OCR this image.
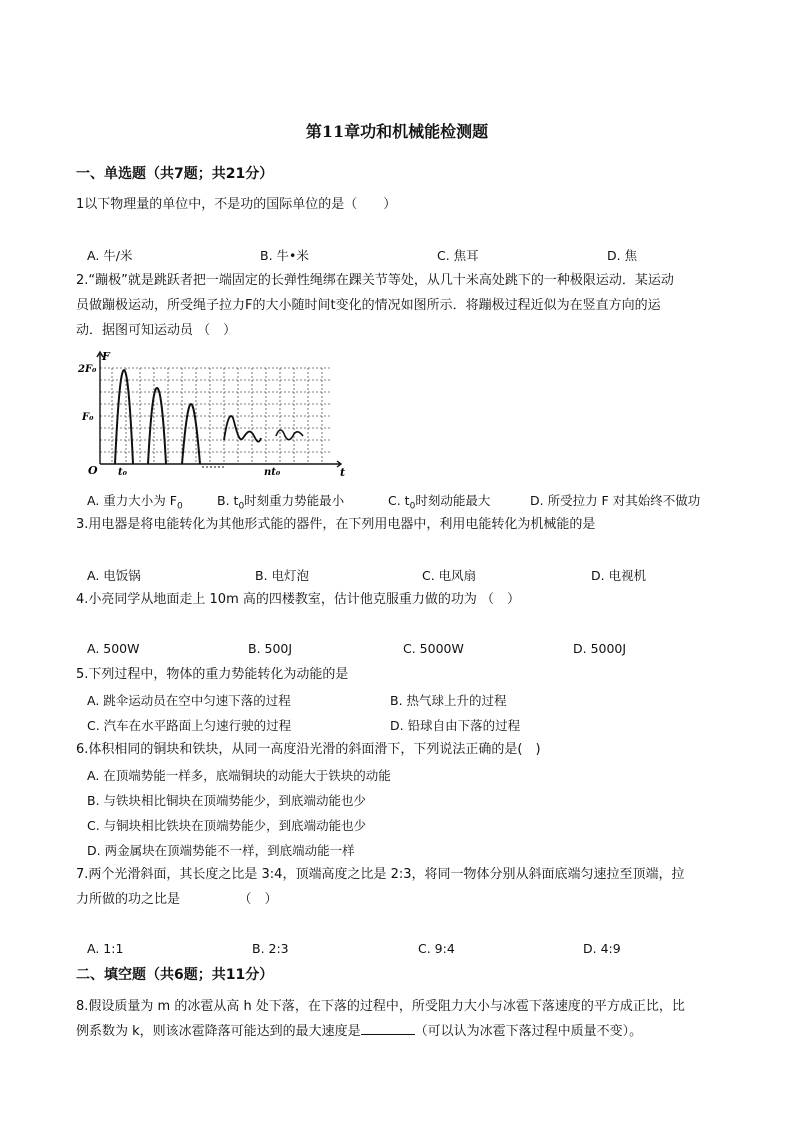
第11章功和机械能检测题
一、单选题（共7题；共21分）
1以下物理量的单位中，不是功的国际单位的是（　　）
A. 牛/米	B. 牛•米	C. 焦耳	D. 焦
2.“蹦极”就是跳跃者把一端固定的长弹性绳绑在踝关节等处，从几十米高处跳下的一种极限运动．某运动
员做蹦极运动，所受绳子拉力F的大小随时间t变化的情况如图所示．将蹦极过程近似为在竖直方向的运
动．据图可知运动员 （　）
F
t
O
2F₀
F₀
t₀	nt₀
A. 重力大小为 $F_0$	B. $t_0$时刻重力势能最小	C. $t_0$时刻动能最大	D. 所受拉力 F 对其始终不做功
3.用电器是将电能转化为其他形式能的器件，在下列用电器中，利用电能转化为机械能的是
A. 电饭锅	B. 电灯泡	C. 电风扇	D. 电视机
4.小亮同学从地面走上 10m 高的四楼教室，估计他克服重力做的功为 （　）
A. 500W	B. 500J	C. 5000W	D. 5000J
5.下列过程中，物体的重力势能转化为动能的是
A. 跳伞运动员在空中匀速下落的过程	B. 热气球上升的过程
C. 汽车在水平路面上匀速行驶的过程	D. 铅球自由下落的过程
6.体积相同的铜块和铁块，从同一高度沿光滑的斜面滑下，下列说法正确的是(　)
A. 在顶端势能一样多，底端铜块的动能大于铁块的动能
B. 与铁块相比铜块在顶端势能少，到底端动能也少
C. 与铜块相比铁块在顶端势能少，到底端动能也少
D. 两金属块在顶端势能不一样，到底端动能一样
7.两个光滑斜面，其长度之比是 3:4，顶端高度之比是 2:3，将同一物体分别从斜面底端匀速拉至顶端，拉
力所做的功之比是　　　　　（　）
A. 1:1	B. 2:3	C. 9:4	D. 4:9
二、填空题（共6题；共11分）
8.假设质量为 m 的冰雹从高 h 处下落，在下落的过程中，所受阻力大小与冰雹下落速度的平方成正比，比
例系数为 k，则该冰雹降落可能达到的最大速度是	（可以认为冰雹下落过程中质量不变）。
